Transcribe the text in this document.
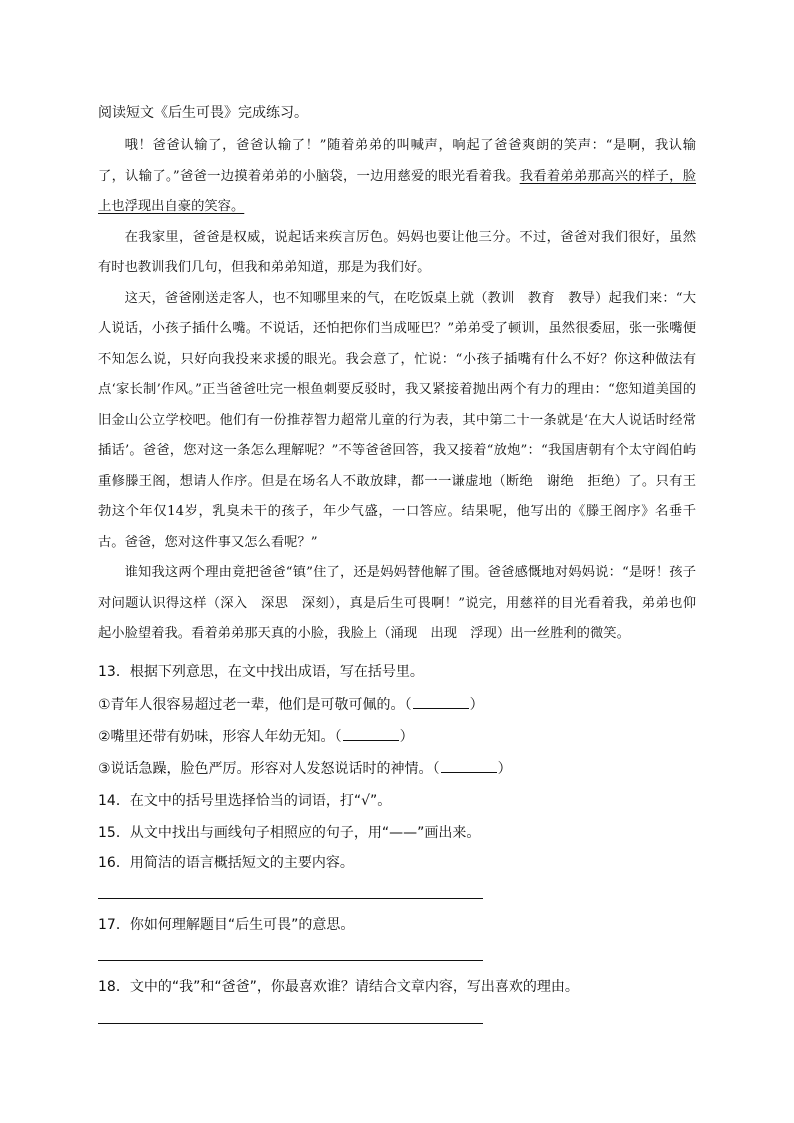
阅读短文《后生可畏》完成练习。

哦！爸爸认输了，爸爸认输了！”随着弟弟的叫喊声，响起了爸爸爽朗的笑声：“是啊，我认输了，认输了。”爸爸一边摸着弟弟的小脑袋，一边用慈爱的眼光看着我。我看着弟弟那高兴的样子，脸上也浮现出自豪的笑容。

在我家里，爸爸是权威，说起话来疾言厉色。妈妈也要让他三分。不过，爸爸对我们很好，虽然有时也教训我们几句，但我和弟弟知道，那是为我们好。

这天，爸爸刚送走客人，也不知哪里来的气，在吃饭桌上就（教训　教育　教导）起我们来：“大人说话，小孩子插什么嘴。不说话，还怕把你们当成哑巴？”弟弟受了顿训，虽然很委屈，张一张嘴便不知怎么说，只好向我投来求援的眼光。我会意了，忙说：“小孩子插嘴有什么不好？你这种做法有点‘家长制’作风。”正当爸爸吐完一根鱼刺要反驳时，我又紧接着抛出两个有力的理由：“您知道美国的旧金山公立学校吧。他们有一份推荐智力超常儿童的行为表，其中第二十一条就是‘在大人说话时经常插话’。爸爸，您对这一条怎么理解呢？”不等爸爸回答，我又接着“放炮”：“我国唐朝有个太守阎伯屿重修滕王阁，想请人作序。但是在场名人不敢放肆，都一一谦虚地（断绝　谢绝　拒绝）了。只有王勃这个年仅14岁，乳臭未干的孩子，年少气盛，一口答应。结果呢，他写出的《滕王阁序》名垂千古。爸爸，您对这件事又怎么看呢？”

谁知我这两个理由竟把爸爸“镇”住了，还是妈妈替他解了围。爸爸感慨地对妈妈说：“是呀！孩子对问题认识得这样（深入　深思　深刻），真是后生可畏啊！”说完，用慈祥的目光看着我，弟弟也仰起小脸望着我。看着弟弟那天真的小脸，我脸上（涌现　出现　浮现）出一丝胜利的微笑。

13．根据下列意思，在文中找出成语，写在括号里。
①青年人很容易超过老一辈，他们是可敬可佩的。（	）
②嘴里还带有奶味，形容人年幼无知。（	）
③说话急躁，脸色严厉。形容对人发怒说话时的神情。（	）
14．在文中的括号里选择恰当的词语，打“√”。
15．从文中找出与画线句子相照应的句子，用“——”画出来。
16．用简洁的语言概括短文的主要内容。
17．你如何理解题目“后生可畏”的意思。
18．文中的“我”和“爸爸”，你最喜欢谁？请结合文章内容，写出喜欢的理由。
